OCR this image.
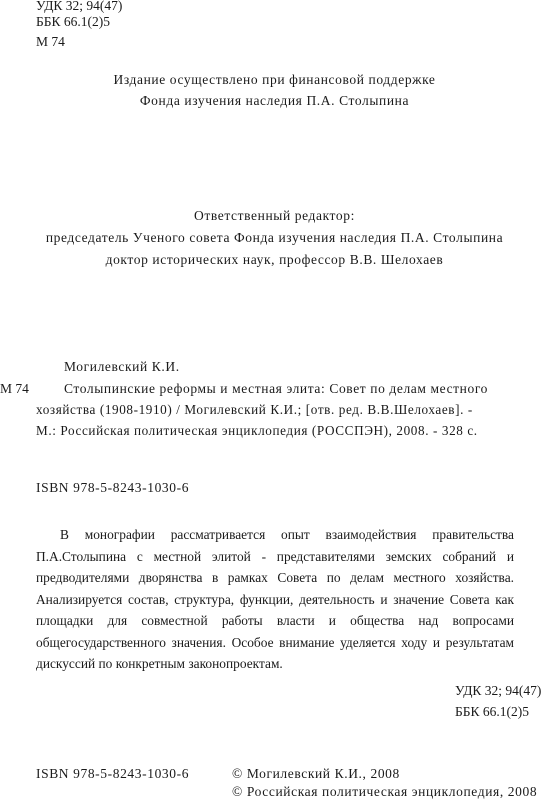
УДК 32; 94(47)
ББК 66.1(2)5
М 74
Издание осуществлено при финансовой поддержке
Фонда изучения наследия П.А. Столыпина
Ответственный редактор:
председатель Ученого совета Фонда изучения наследия П.А. Столыпина
доктор исторических наук, профессор В.В. Шелохаев
Могилевский К.И.
М 74	Столыпинские реформы и местная элита: Совет по делам местного
хозяйства (1908-1910) / Могилевский К.И.; [отв. ред. В.В.Шелохаев]. -
М.: Российская политическая энциклопедия (РОССПЭН), 2008. - 328 с.
ISBN 978-5-8243-1030-6
В монографии рассматривается опыт взаимодействия правительства П.А.Столыпина с местной элитой - представителями земских собраний и предводителями дворянства в рамках Совета по делам местного хозяйства. Анализируется состав, структура, функции, деятельность и значение Совета как площадки для совместной работы власти и общества над вопросами общегосударственного значения. Особое внимание уделяется ходу и результатам дискуссий по конкретным законопроектам.
УДК 32; 94(47)
ББК 66.1(2)5
ISBN 978-5-8243-1030-6	© Могилевский К.И., 2008
© Российская политическая энциклопедия, 2008
